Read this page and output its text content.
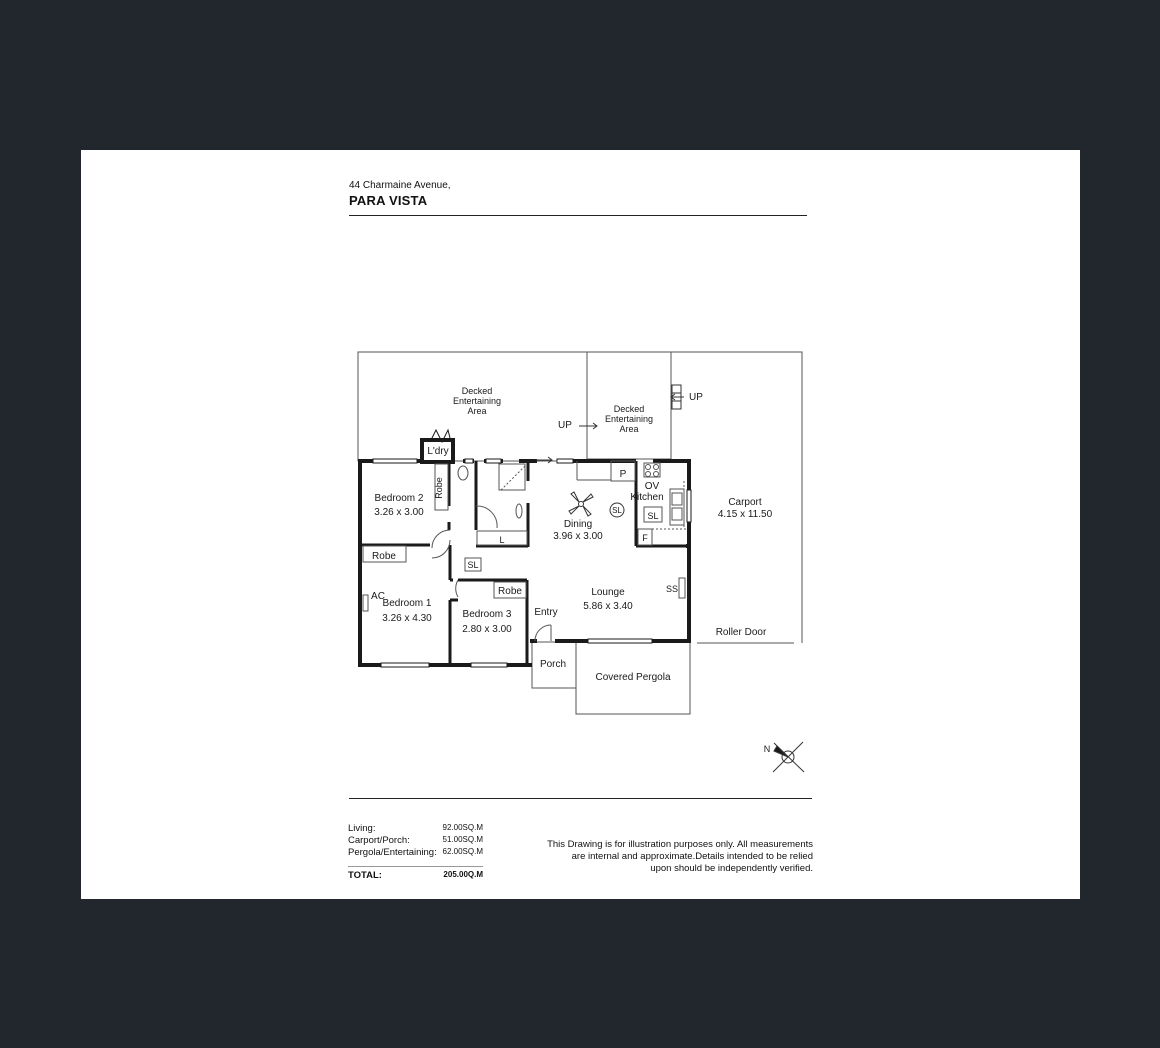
44 Charmaine Avenue,
PARA VISTA
Decked
Entertaining
Area	Decked
Entertaining
Area
UP
UP
L'dry
Bedroom 2
3.26 x 3.00
Robe
Dining
3.96 x 3.00
P
OV
Kitchen
SL
SL
F
Carport
4.15 x 11.50
Robe
L
SL
AC
Bedroom 1
3.26 x 4.30
Robe
Bedroom 3
2.80 x 3.00
Lounge
5.86 x 3.40
SS
Entry
Porch
Covered Pergola
Roller Door
N
Living:	92.00SQ.M
Carport/Porch:	51.00SQ.M
Pergola/Entertaining: 62.00SQ.M
TOTAL:	205.00Q.M
This Drawing is for illustration purposes only. All measurements
are internal and approximate.Details intended to be relied
upon should be independently verified.
